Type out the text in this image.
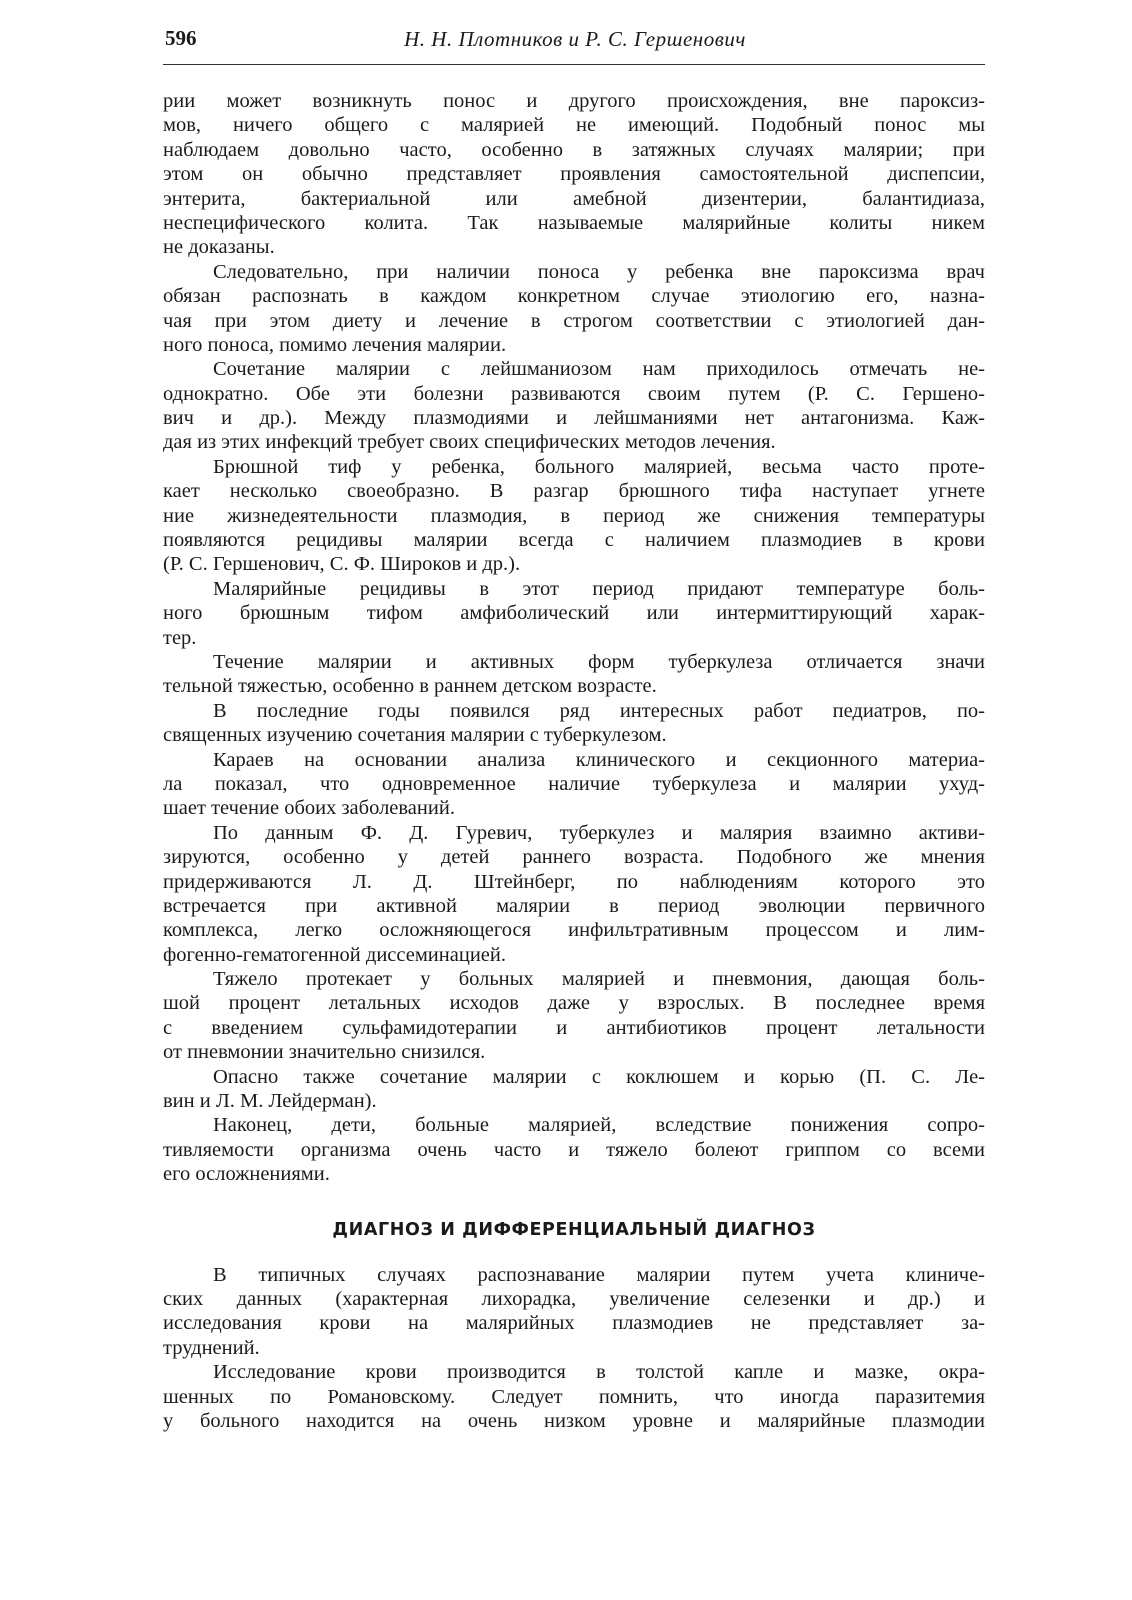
596	Н. Н. Плотников и Р. С. Гершенович
рии может возникнуть понос и другого происхождения, вне пароксиз-
мов, ничего общего с малярией не имеющий. Подобный понос мы
наблюдаем довольно часто, особенно в затяжных случаях малярии; при
этом он обычно представляет проявления самостоятельной диспепсии,
энтерита, бактериальной или амебной дизентерии, балантидиаза,
неспецифического колита. Так называемые малярийные колиты никем
не доказаны.
Следовательно, при наличии поноса у ребенка вне пароксизма врач
обязан распознать в каждом конкретном случае этиологию его, назна-
чая при этом диету и лечение в строгом соответствии с этиологией дан-
ного поноса, помимо лечения малярии.
Сочетание малярии с лейшманиозом нам приходилось отмечать не-
однократно. Обе эти болезни развиваются своим путем (Р. С. Гершено-
вич и др.). Между плазмодиями и лейшманиями нет антагонизма. Каж-
дая из этих инфекций требует своих специфических методов лечения.
Брюшной тиф у ребенка, больного малярией, весьма часто проте-
кает несколько своеобразно. В разгар брюшного тифа наступает угнете
ние жизнедеятельности плазмодия, в период же снижения температуры
появляются рецидивы малярии всегда с наличием плазмодиев в крови
(Р. С. Гершенович, С. Ф. Широков и др.).
Малярийные рецидивы в этот период придают температуре боль-
ного брюшным тифом амфиболический или интермиттирующий харак-
тер.
Течение малярии и активных форм туберкулеза отличается значи
тельной тяжестью, особенно в раннем детском возрасте.
В последние годы появился ряд интересных работ педиатров, по-
священных изучению сочетания малярии с туберкулезом.
Караев на основании анализа клинического и секционного материа-
ла показал, что одновременное наличие туберкулеза и малярии ухуд-
шает течение обоих заболеваний.
По данным Ф. Д. Гуревич, туберкулез и малярия взаимно активи-
зируются, особенно у детей раннего возраста. Подобного же мнения
придерживаются Л. Д. Штейнберг, по наблюдениям которого это
встречается при активной малярии в период эволюции первичного
комплекса, легко осложняющегося инфильтративным процессом и лим-
фогенно-гематогенной диссеминацией.
Тяжело протекает у больных малярией и пневмония, дающая боль-
шой процент летальных исходов даже у взрослых. В последнее время
с введением сульфамидотерапии и антибиотиков процент летальности
от пневмонии значительно снизился.
Опасно также сочетание малярии с коклюшем и корью (П. С. Ле-
вин и Л. М. Лейдерман).
Наконец, дети, больные малярией, вследствие понижения сопро-
тивляемости организма очень часто и тяжело болеют гриппом со всеми
его осложнениями.
ДИАГНОЗ И ДИФФЕРЕНЦИАЛЬНЫЙ ДИАГНОЗ
В типичных случаях распознавание малярии путем учета клиниче-
ских данных (характерная лихорадка, увеличение селезенки и др.) и
исследования крови на малярийных плазмодиев не представляет за-
труднений.
Исследование крови производится в толстой капле и мазке, окра-
шенных по Романовскому. Следует помнить, что иногда паразитемия
у больного находится на очень низком уровне и малярийные плазмодии
